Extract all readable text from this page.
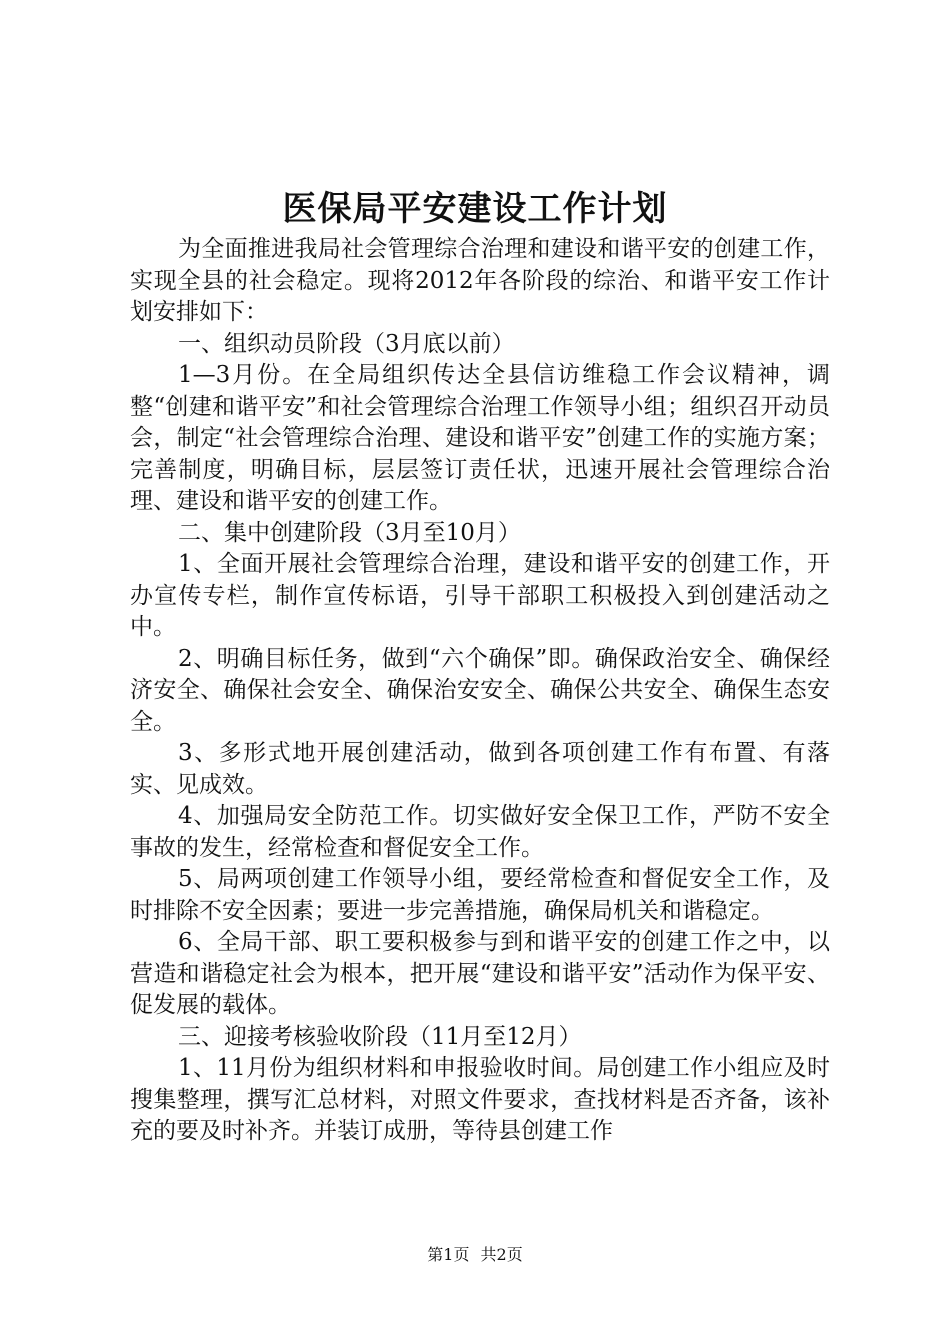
医保局平安建设工作计划

为全面推进我局社会管理综合治理和建设和谐平安的创建工作，实现全县的社会稳定。现将2012年各阶段的综治、和谐平安工作计划安排如下：

一、组织动员阶段（3月底以前）

1—3月份。在全局组织传达全县信访维稳工作会议精神，调整“创建和谐平安”和社会管理综合治理工作领导小组；组织召开动员会，制定“社会管理综合治理、建设和谐平安”创建工作的实施方案；完善制度，明确目标，层层签订责任状，迅速开展社会管理综合治理、建设和谐平安的创建工作。

二、集中创建阶段（3月至10月）

1、全面开展社会管理综合治理，建设和谐平安的创建工作，开办宣传专栏，制作宣传标语，引导干部职工积极投入到创建活动之中。

2、明确目标任务，做到“六个确保”即。确保政治安全、确保经济安全、确保社会安全、确保治安安全、确保公共安全、确保生态安全。

3、多形式地开展创建活动，做到各项创建工作有布置、有落实、见成效。

4、加强局安全防范工作。切实做好安全保卫工作，严防不安全事故的发生，经常检查和督促安全工作。

5、局两项创建工作领导小组，要经常检查和督促安全工作，及时排除不安全因素；要进一步完善措施，确保局机关和谐稳定。

6、全局干部、职工要积极参与到和谐平安的创建工作之中，以营造和谐稳定社会为根本，把开展“建设和谐平安”活动作为保平安、促发展的载体。

三、迎接考核验收阶段（11月至12月）

1、11月份为组织材料和申报验收时间。局创建工作小组应及时搜集整理，撰写汇总材料，对照文件要求，查找材料是否齐备，该补充的要及时补齐。并装订成册，等待县创建工作

第1页 共2页
